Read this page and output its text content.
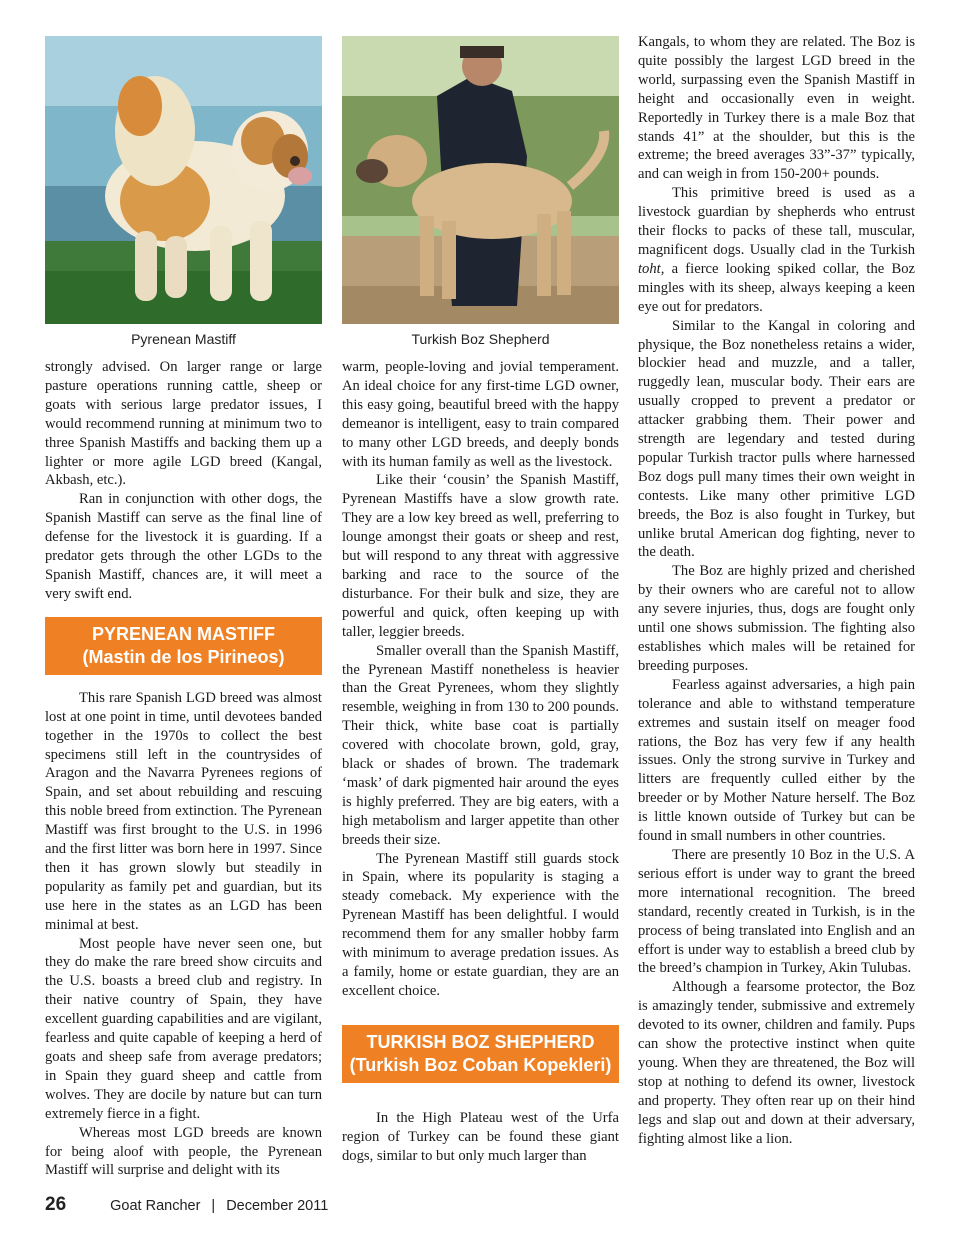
Pyrenean Mastiff

strongly advised. On larger range or large pasture operations running cattle, sheep or goats with serious large predator issues, I would recommend running at minimum two to three Spanish Mastiffs and backing them up a lighter or more agile LGD breed (Kangal, Akbash, etc.).

Ran in conjunction with other dogs, the Spanish Mastiff can serve as the final line of defense for the livestock it is guarding. If a predator gets through the other LGDs to the Spanish Mastiff, chances are, it will meet a very swift end.

PYRENEAN MASTIFF
(Mastin de los Pirineos)

This rare Spanish LGD breed was almost lost at one point in time, until devotees banded together in the 1970s to collect the best specimens still left in the countrysides of Aragon and the Navarra Pyrenees regions of Spain, and set about rebuilding and rescuing this noble breed from extinction. The Pyrenean Mastiff was first brought to the U.S. in 1996 and the first litter was born here in 1997. Since then it has grown slowly but steadily in popularity as family pet and guardian, but its use here in the states as an LGD has been minimal at best.

Most people have never seen one, but they do make the rare breed show circuits and the U.S. boasts a breed club and registry. In their native country of Spain, they have excellent guarding capabilities and are vigilant, fearless and quite capable of keeping a herd of goats and sheep safe from average predators; in Spain they guard sheep and cattle from wolves. They are docile by nature but can turn extremely fierce in a fight.

Whereas most LGD breeds are known for being aloof with people, the Pyrenean Mastiff will surprise and delight with its

Turkish Boz Shepherd

warm, people-loving and jovial temperament. An ideal choice for any first-time LGD owner, this easy going, beautiful breed with the happy demeanor is intelligent, easy to train compared to many other LGD breeds, and deeply bonds with its human family as well as the livestock.

Like their ‘cousin’ the Spanish Mastiff, Pyrenean Mastiffs have a slow growth rate. They are a low key breed as well, preferring to lounge amongst their goats or sheep and rest, but will respond to any threat with aggressive barking and race to the source of the disturbance. For their bulk and size, they are powerful and quick, often keeping up with taller, leggier breeds.

Smaller overall than the Spanish Mastiff, the Pyrenean Mastiff nonetheless is heavier than the Great Pyrenees, whom they slightly resemble, weighing in from 130 to 200 pounds. Their thick, white base coat is partially covered with chocolate brown, gold, gray, black or shades of brown. The trademark ‘mask’ of dark pigmented hair around the eyes is highly preferred. They are big eaters, with a high metabolism and larger appetite than other breeds their size.

The Pyrenean Mastiff still guards stock in Spain, where its popularity is staging a steady comeback. My experience with the Pyrenean Mastiff has been delightful. I would recommend them for any smaller hobby farm with minimum to average predation issues. As a family, home or estate guardian, they are an excellent choice.

TURKISH BOZ SHEPHERD
(Turkish Boz Coban Kopekleri)

In the High Plateau west of the Urfa region of Turkey can be found these giant dogs, similar to but only much larger than

Kangals, to whom they are related. The Boz is quite possibly the largest LGD breed in the world, surpassing even the Spanish Mastiff in height and occasionally even in weight. Reportedly in Turkey there is a male Boz that stands 41” at the shoulder, but this is the extreme; the breed averages 33”-37” typically, and can weigh in from 150-200+ pounds.

This primitive breed is used as a livestock guardian by shepherds who entrust their flocks to packs of these tall, muscular, magnificent dogs. Usually clad in the Turkish toht, a fierce looking spiked collar, the Boz mingles with its sheep, always keeping a keen eye out for predators.

Similar to the Kangal in coloring and physique, the Boz nonetheless retains a wider, blockier head and muzzle, and a taller, ruggedly lean, muscular body. Their ears are usually cropped to prevent a predator or attacker grabbing them. Their power and strength are legendary and tested during popular Turkish tractor pulls where harnessed Boz dogs pull many times their own weight in contests. Like many other primitive LGD breeds, the Boz is also fought in Turkey, but unlike brutal American dog fighting, never to the death.

The Boz are highly prized and cherished by their owners who are careful not to allow any severe injuries, thus, dogs are fought only until one shows submission. The fighting also establishes which males will be retained for breeding purposes.

Fearless against adversaries, a high pain tolerance and able to withstand temperature extremes and sustain itself on meager food rations, the Boz has very few if any health issues. Only the strong survive in Turkey and litters are frequently culled either by the breeder or by Mother Nature herself. The Boz is little known outside of Turkey but can be found in small numbers in other countries.

There are presently 10 Boz in the U.S. A serious effort is under way to grant the breed more international recognition. The breed standard, recently created in Turkish, is in the process of being translated into English and an effort is under way to establish a breed club by the breed’s champion in Turkey, Akin Tulubas.

Although a fearsome protector, the Boz is amazingly tender, submissive and extremely devoted to its owner, children and family. Pups can show the protective instinct when quite young. When they are threatened, the Boz will stop at nothing to defend its owner, livestock and property. They often rear up on their hind legs and slap out and down at their adversary, fighting almost like a lion.

26	Goat Rancher | December 2011
